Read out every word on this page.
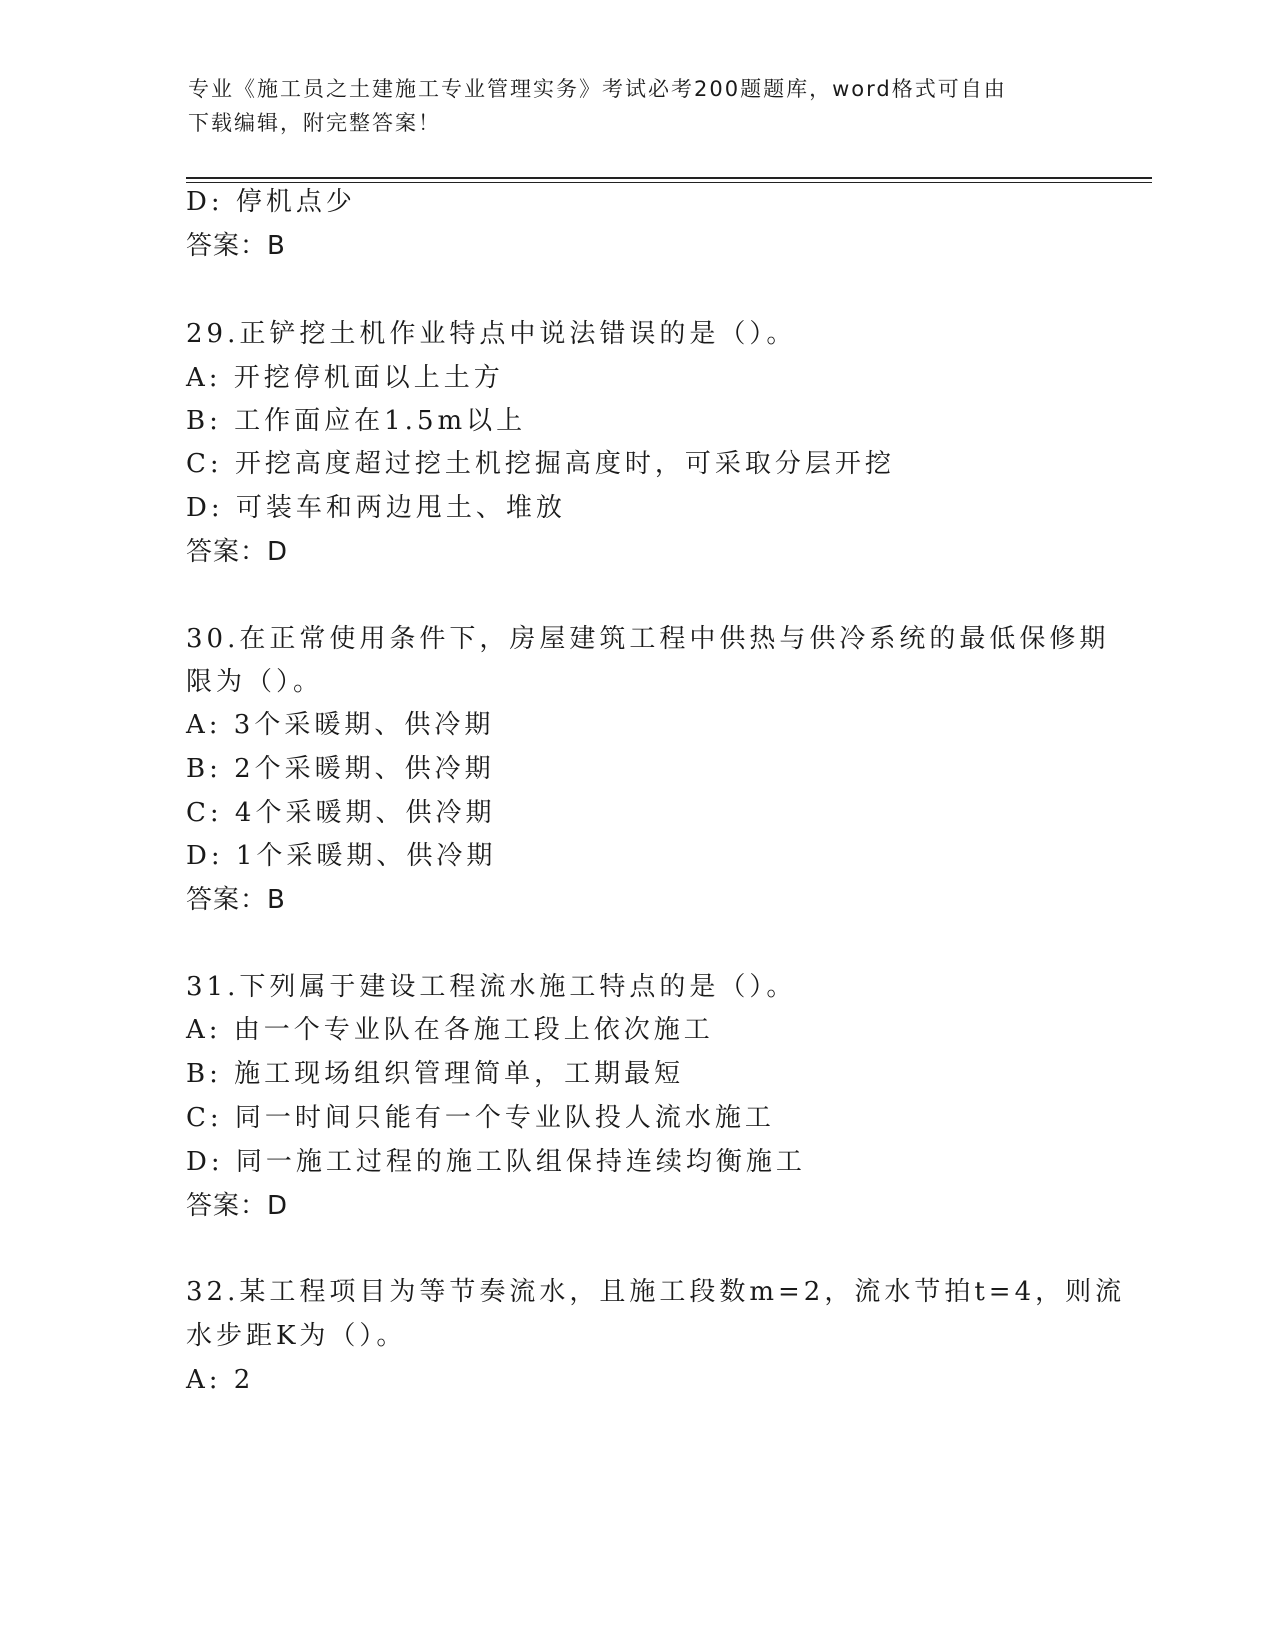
专业《施工员之土建施工专业管理实务》考试必考200题题库，word格式可自由
下载编辑，附完整答案！
D: 停机点少
答案：B
29.正铲挖土机作业特点中说法错误的是（）。
A: 开挖停机面以上土方
B: 工作面应在1.5m以上
C: 开挖高度超过挖土机挖掘高度时，可采取分层开挖
D: 可装车和两边甩土、堆放
答案：D
30.在正常使用条件下，房屋建筑工程中供热与供冷系统的最低保修期
限为（）。
A: 3个采暖期、供冷期
B: 2个采暖期、供冷期
C: 4个采暖期、供冷期
D: 1个采暖期、供冷期
答案：B
31.下列属于建设工程流水施工特点的是（）。
A: 由一个专业队在各施工段上依次施工
B: 施工现场组织管理简单，工期最短
C: 同一时间只能有一个专业队投人流水施工
D: 同一施工过程的施工队组保持连续均衡施工
答案：D
32.某工程项目为等节奏流水，且施工段数m=2，流水节拍t=4，则流
水步距K为（）。
A: 2
